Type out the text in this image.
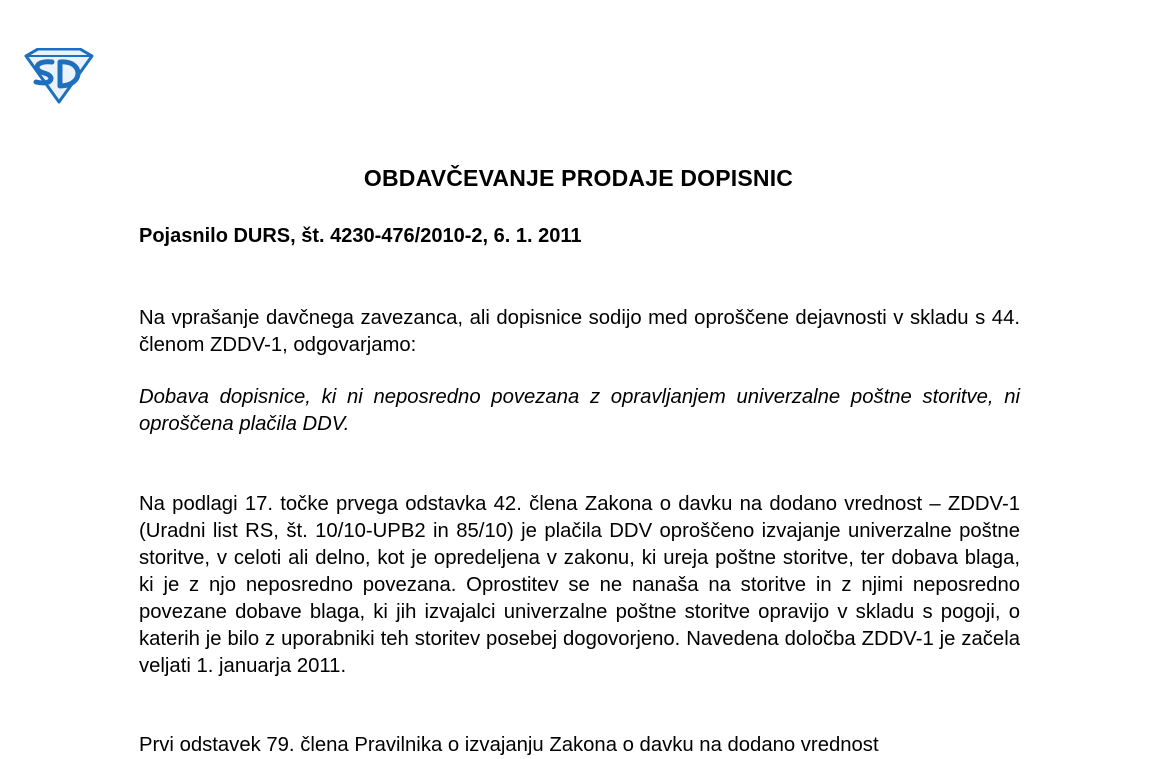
OBDAVČEVANJE PRODAJE DOPISNIC
Pojasnilo DURS, št. 4230-476/2010-2, 6. 1. 2011

Na vprašanje davčnega zavezanca, ali dopisnice sodijo med oproščene dejavnosti v skladu s 44. členom ZDDV-1, odgovarjamo:

Dobava dopisnice, ki ni neposredno povezana z opravljanjem univerzalne poštne storitve, ni oproščena plačila DDV.

Na podlagi 17. točke prvega odstavka 42. člena Zakona o davku na dodano vrednost – ZDDV-1 (Uradni list RS, št. 10/10-UPB2 in 85/10) je plačila DDV oproščeno izvajanje univerzalne poštne storitve, v celoti ali delno, kot je opredeljena v zakonu, ki ureja poštne storitve, ter dobava blaga, ki je z njo neposredno povezana. Oprostitev se ne nanaša na storitve in z njimi neposredno povezane dobave blaga, ki jih izvajalci univerzalne poštne storitve opravijo v skladu s pogoji, o katerih je bilo z uporabniki teh storitev posebej dogovorjeno. Navedena določba ZDDV-1 je začela veljati 1. januarja 2011.

Prvi odstavek 79. člena Pravilnika o izvajanju Zakona o davku na dodano vrednost
